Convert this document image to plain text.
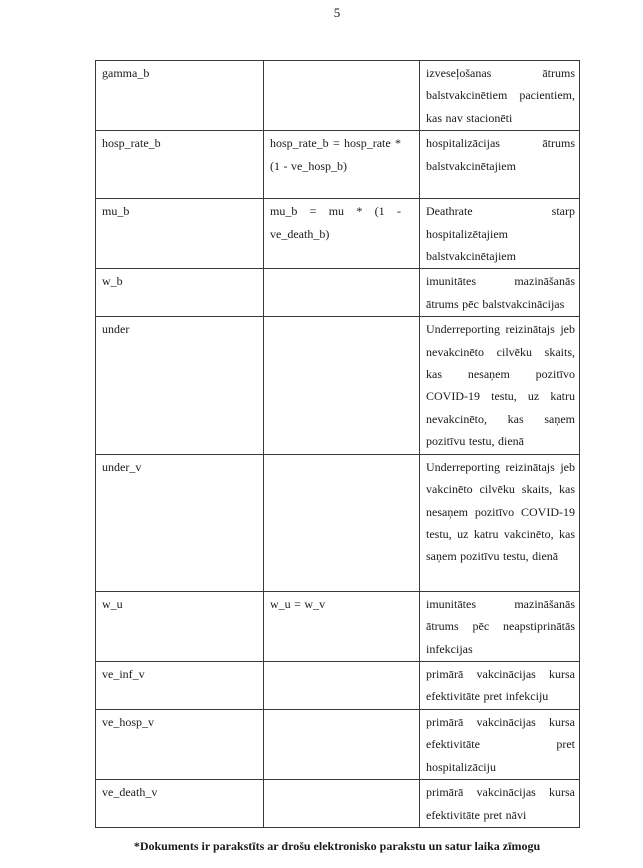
5
gamma_b		izveseļošanas ātrums balstvakcinētiem pacientiem, kas nav stacionēti
hosp_rate_b	hosp_rate_b = hosp_rate * (1 - ve_hosp_b)	hospitalizācijas ātrums balstvakcinētajiem
mu_b	mu_b = mu * (1 - ve_death_b)	Deathrate starp hospitalizētajiem balstvakcinētajiem
w_b		imunitātes mazināšanās ātrums pēc balstvakcinācijas
under		Underreporting reizinātajs jeb nevakcinēto cilvēku skaits, kas nesaņem pozitīvo COVID-19 testu, uz katru nevakcinēto, kas saņem pozitīvu testu, dienā
under_v		Underreporting reizinātajs jeb vakcinēto cilvēku skaits, kas nesaņem pozitīvo COVID-19 testu, uz katru vakcinēto, kas saņem pozitīvu testu, dienā
w_u	w_u = w_v	imunitātes mazināšanās ātrums pēc neapstiprinātās infekcijas
ve_inf_v		primārā vakcinācijas kursa efektivitāte pret infekciju
ve_hosp_v		primārā vakcinācijas kursa efektivitāte pret hospitalizāciju
ve_death_v		primārā vakcinācijas kursa efektivitāte pret nāvi
*Dokuments ir parakstīts ar drošu elektronisko parakstu un satur laika zīmogu
